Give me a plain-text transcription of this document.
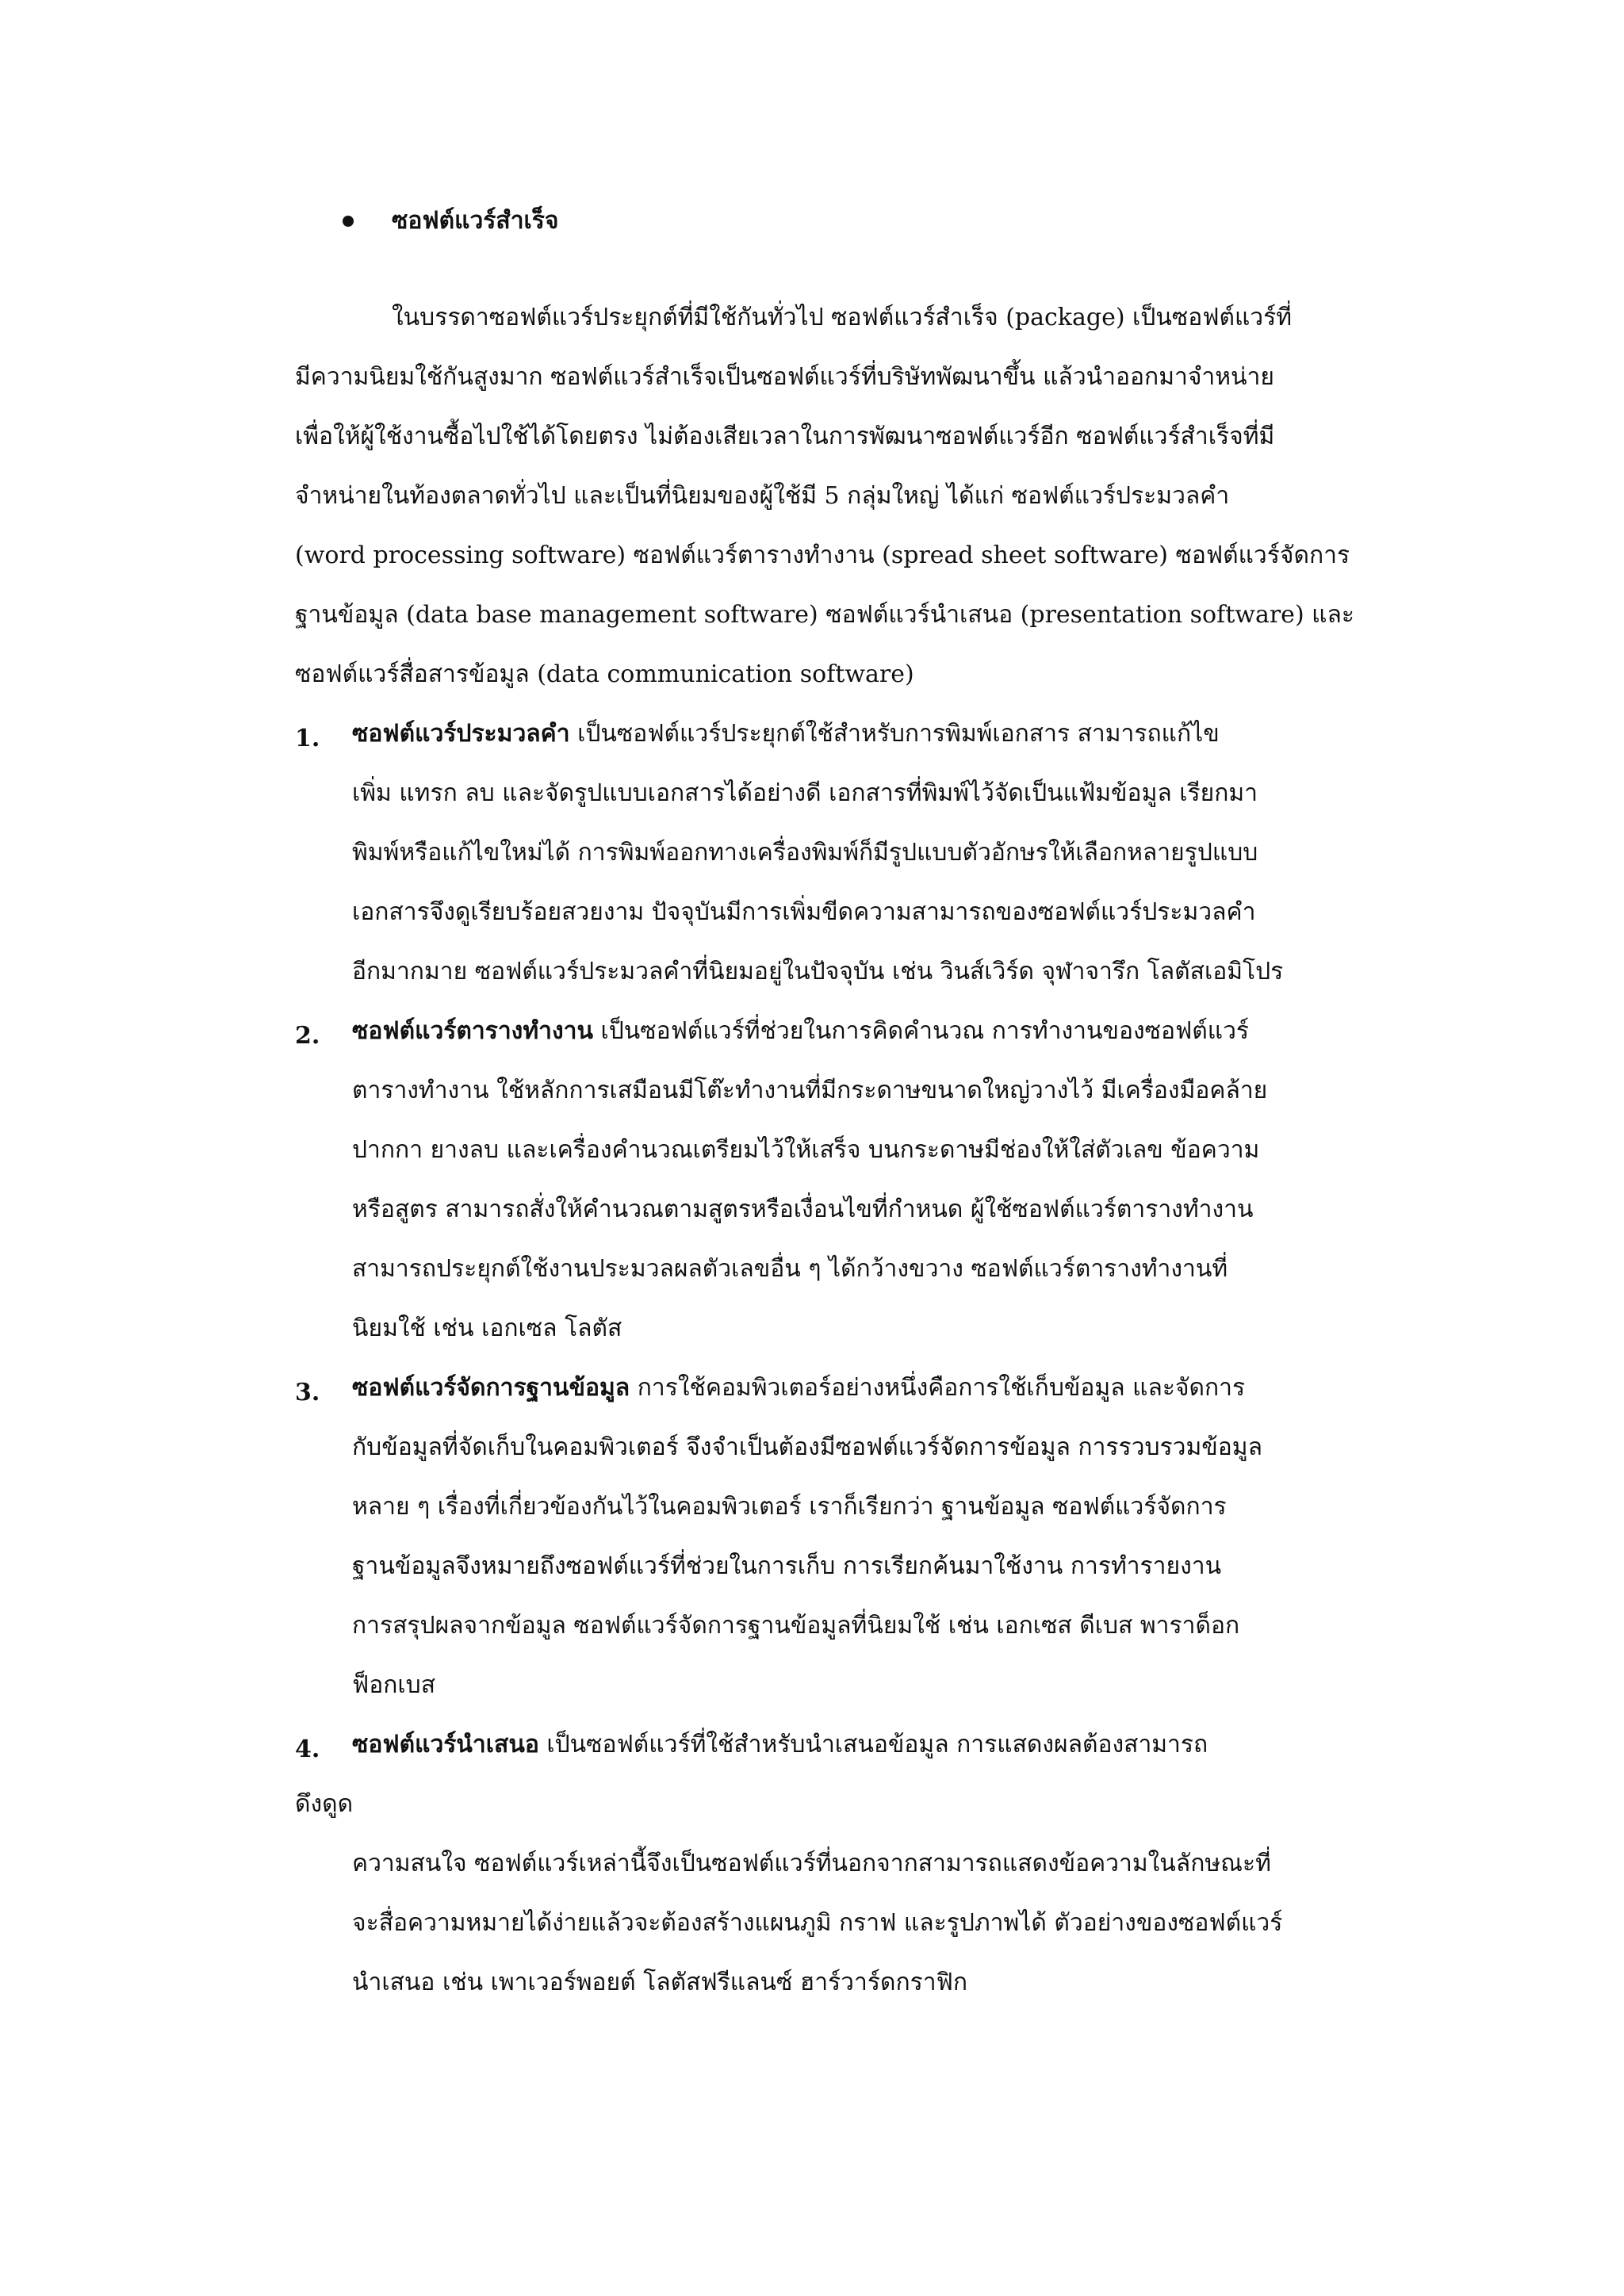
ซอฟต์แวร์สำเร็จ
ในบรรดาซอฟต์แวร์ประยุกต์ที่มีใช้กันทั่วไป ซอฟต์แวร์สำเร็จ (package) เป็นซอฟต์แวร์ที่
มีความนิยมใช้กันสูงมาก ซอฟต์แวร์สำเร็จเป็นซอฟต์แวร์ที่บริษัทพัฒนาขึ้น แล้วนำออกมาจำหน่าย
เพื่อให้ผู้ใช้งานซื้อไปใช้ได้โดยตรง ไม่ต้องเสียเวลาในการพัฒนาซอฟต์แวร์อีก ซอฟต์แวร์สำเร็จที่มี
จำหน่ายในท้องตลาดทั่วไป และเป็นที่นิยมของผู้ใช้มี 5 กลุ่มใหญ่ ได้แก่ ซอฟต์แวร์ประมวลคำ
(word processing software) ซอฟต์แวร์ตารางทำงาน (spread sheet software) ซอฟต์แวร์จัดการ
ฐานข้อมูล (data base management software) ซอฟต์แวร์นำเสนอ (presentation software) และ
ซอฟต์แวร์สื่อสารข้อมูล (data communication software)
1. ซอฟต์แวร์ประมวลคำ เป็นซอฟต์แวร์ประยุกต์ใช้สำหรับการพิมพ์เอกสาร สามารถแก้ไข
เพิ่ม แทรก ลบ และจัดรูปแบบเอกสารได้อย่างดี เอกสารที่พิมพ์ไว้จัดเป็นแฟ้มข้อมูล เรียกมา
พิมพ์หรือแก้ไขใหม่ได้ การพิมพ์ออกทางเครื่องพิมพ์ก็มีรูปแบบตัวอักษรให้เลือกหลายรูปแบบ
เอกสารจึงดูเรียบร้อยสวยงาม ปัจจุบันมีการเพิ่มขีดความสามารถของซอฟต์แวร์ประมวลคำ
อีกมากมาย ซอฟต์แวร์ประมวลคำที่นิยมอยู่ในปัจจุบัน เช่น วินส์เวิร์ด จุฬาจารึก โลตัสเอมิโปร
2. ซอฟต์แวร์ตารางทำงาน เป็นซอฟต์แวร์ที่ช่วยในการคิดคำนวณ การทำงานของซอฟต์แวร์
ตารางทำงาน ใช้หลักการเสมือนมีโต๊ะทำงานที่มีกระดาษขนาดใหญ่วางไว้ มีเครื่องมือคล้าย
ปากกา ยางลบ และเครื่องคำนวณเตรียมไว้ให้เสร็จ บนกระดาษมีช่องให้ใส่ตัวเลข ข้อความ
หรือสูตร สามารถสั่งให้คำนวณตามสูตรหรือเงื่อนไขที่กำหนด ผู้ใช้ซอฟต์แวร์ตารางทำงาน
สามารถประยุกต์ใช้งานประมวลผลตัวเลขอื่น ๆ ได้กว้างขวาง ซอฟต์แวร์ตารางทำงานที่
นิยมใช้ เช่น เอกเซล โลตัส
3. ซอฟต์แวร์จัดการฐานข้อมูล การใช้คอมพิวเตอร์อย่างหนึ่งคือการใช้เก็บข้อมูล และจัดการ
กับข้อมูลที่จัดเก็บในคอมพิวเตอร์ จึงจำเป็นต้องมีซอฟต์แวร์จัดการข้อมูล การรวบรวมข้อมูล
หลาย ๆ เรื่องที่เกี่ยวข้องกันไว้ในคอมพิวเตอร์ เราก็เรียกว่า ฐานข้อมูล ซอฟต์แวร์จัดการ
ฐานข้อมูลจึงหมายถึงซอฟต์แวร์ที่ช่วยในการเก็บ การเรียกค้นมาใช้งาน การทำรายงาน
การสรุปผลจากข้อมูล ซอฟต์แวร์จัดการฐานข้อมูลที่นิยมใช้ เช่น เอกเซส ดีเบส พาราด็อก
ฟ็อกเบส
4. ซอฟต์แวร์นำเสนอ เป็นซอฟต์แวร์ที่ใช้สำหรับนำเสนอข้อมูล การแสดงผลต้องสามารถ
ดึงดูด
ความสนใจ ซอฟต์แวร์เหล่านี้จึงเป็นซอฟต์แวร์ที่นอกจากสามารถแสดงข้อความในลักษณะที่
จะสื่อความหมายได้ง่ายแล้วจะต้องสร้างแผนภูมิ กราฟ และรูปภาพได้ ตัวอย่างของซอฟต์แวร์
นำเสนอ เช่น เพาเวอร์พอยต์ โลตัสฟรีแลนซ์ ฮาร์วาร์ดกราฟิก
